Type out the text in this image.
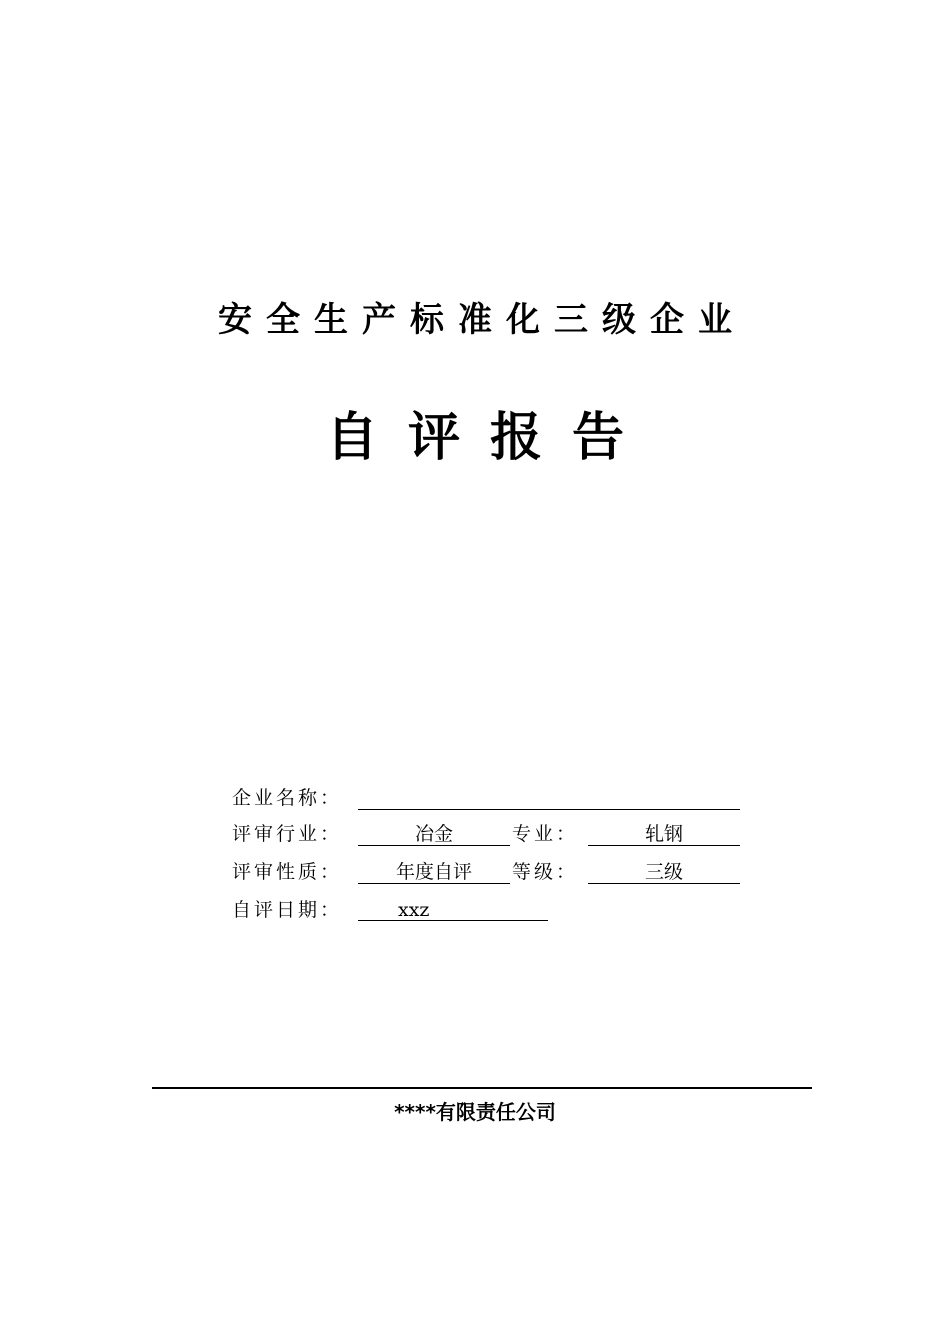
安全生产标准化三级企业
自评报告
企业名称：
评审行业：	冶金	专业：	轧钢
评审性质：	年度自评	等级：	三级
自评日期：	xxz
****有限责任公司
